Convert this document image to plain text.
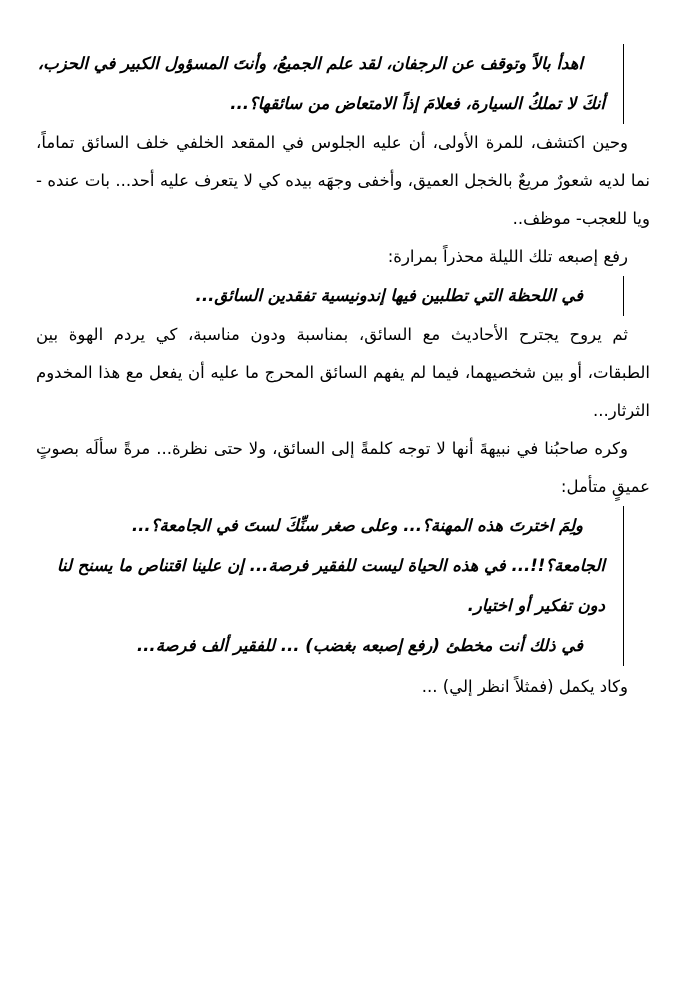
اهدأ بالاً وتوقف عن الرجفان، لقد علم الجميعُ، وأنتَ المسؤول الكبير في الحزب، أنكَ لا تملكُ السيارة، فعلامَ إذاً الامتعاض من سائقها؟...

وحين اكتشف، للمرة الأولى، أن عليه الجلوس في المقعد الخلفي خلف السائق تماماً، نما لديه شعورٌ مريعٌ بالخجل العميق، وأخفى وجهَه بيده كي لا يتعرف عليه أحد... بات عنده - ويا للعجب- موظف..

رفع إصبعه تلك الليلة محذراً بمرارة:

في اللحظة التي تطلبين فيها إندونيسية تفقدين السائق...

ثم يروح يجترح الأحاديث مع السائق، بمناسبة ودون مناسبة، كي يردم الهوة بين الطبقات، أو بين شخصيهما، فيما لم يفهم السائق المحرج ما عليه أن يفعل مع هذا المخدوم الثرثار...

وكره صاحبُنا في نبيهةَ أنها لا توجه كلمةً إلى السائق، ولا حتى نظرة... مرةً سألَه بصوتٍ عميقٍ متأمل:

ولِمَ اخترتَ هذه المهنة؟... وعلى صغر سنِّكَ لستَ في الجامعة؟...

الجامعة؟!!... في هذه الحياة ليست للفقير فرصة... إن علينا اقتناص ما يسنح لنا دون تفكير أو اختيار.

في ذلك أنت مخطئ (رفع إصبعه بغضب) ... للفقير ألف فرصة...

وكاد يكمل (فمثلاً انظر إلي) ...
